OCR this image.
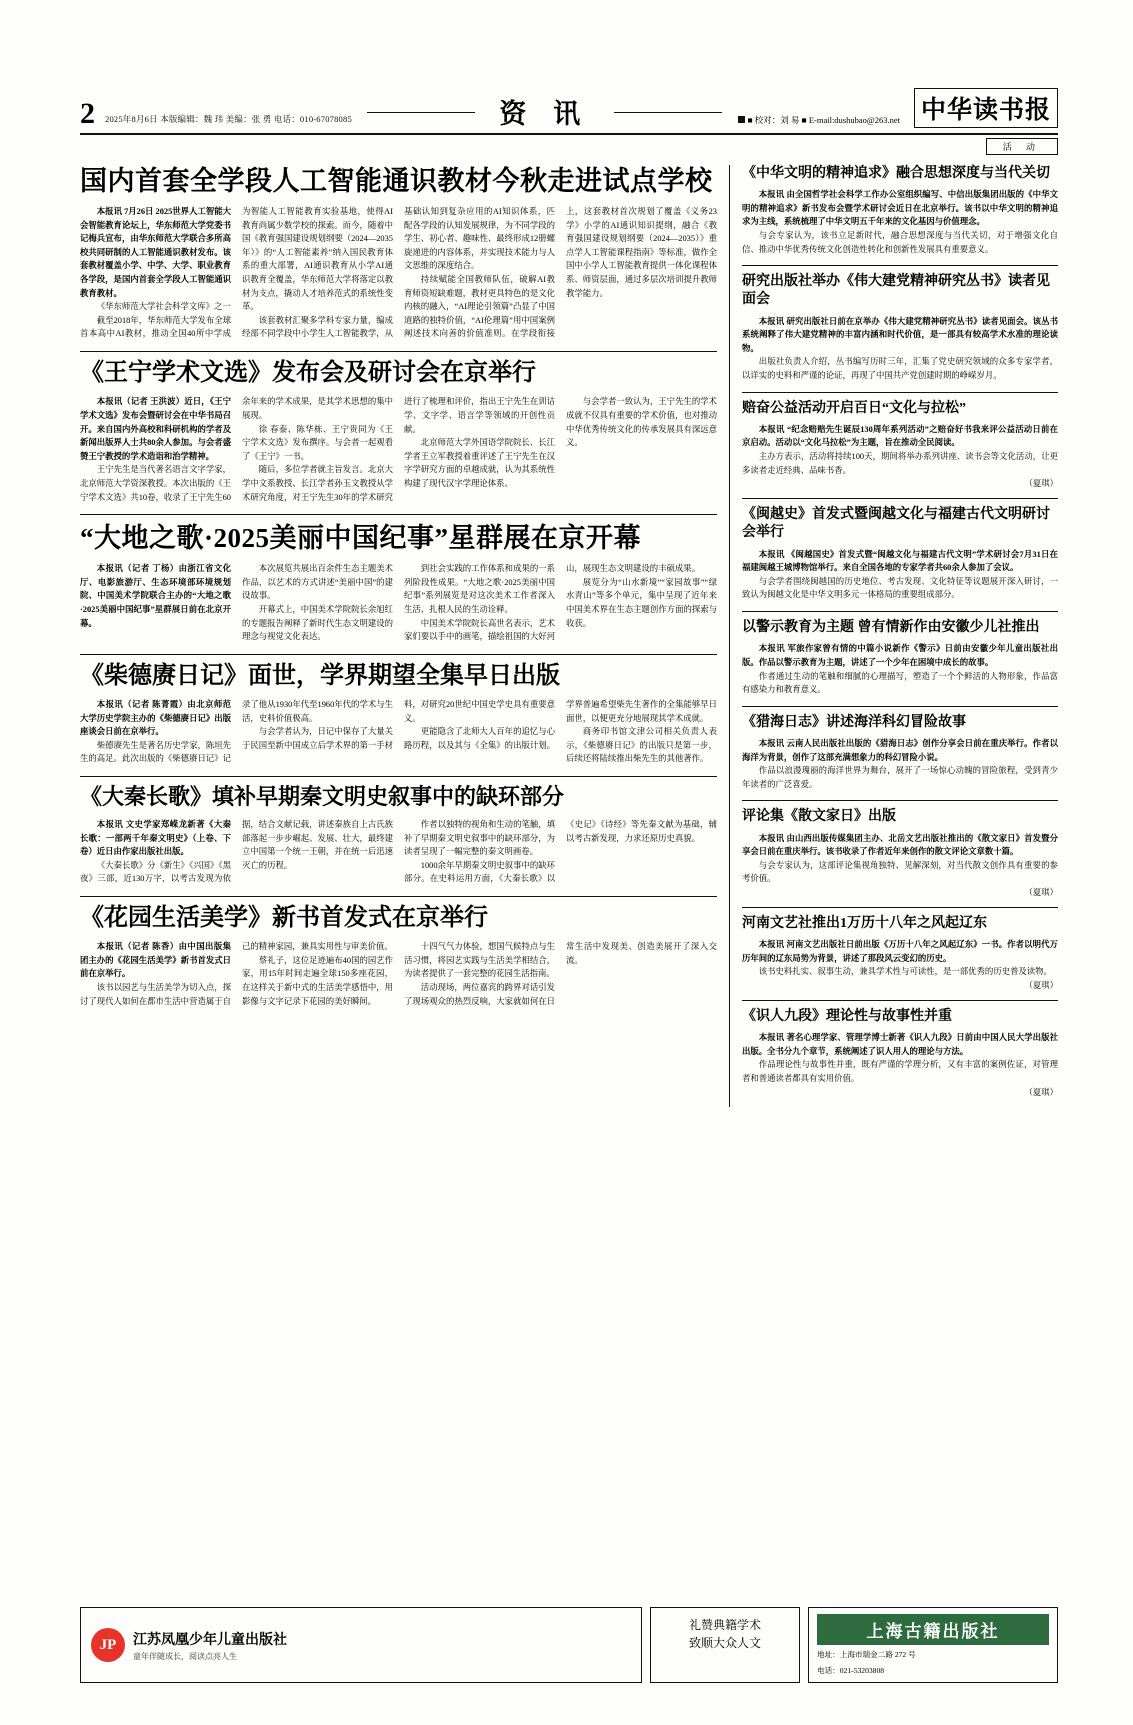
2 2025年8月6日 本版编辑：魏 玮 美编：张 勇 电话：010-67078085	资 讯	■ 校对：刘 易 ■ E-mail:dushubao@263.net 中华读书报
活 动
国内首套全学段人工智能通识教材今秋走进试点学校

本报讯 7月26日 2025世界人工智能大会智能教育论坛上，华东师范大学党委书记梅兵宣布，由华东师范大学联合多所高校共同研制的人工智能通识教材发布。该套教材覆盖小学、中学、大学、职业教育各学段，是国内首套全学段人工智能通识教育教材。

《华东师范大学社会科学文库》之一

截至2018年，华东师范大学发布全球首本高中AI教材，推动全国40所中学成为智能人工智能教育实验基地，使得AI教育尚属少数学校的探索。而今，随着中国《教育强国建设规划纲要（2024—2035年）》的“人工智能素养”纳入国民教育体系的重大部署，AI通识教育从小学AI通识教育全覆盖，华东师范大学将落定以教材为支点，撬动人才培养范式的系统性变革。

该套教材汇聚多学科专家力量，编成经部不同学段中小学生人工智能教学，从基础认知到复杂应用的AI知识体系，匹配各学段的认知发展规律，为不同学段的学生、初心者、趣味性、最终形成12册螺旋递进的内容体系，并实现技术能力与人文思维的深度结合。

持续赋能全国教师队伍，破解AI教育师资短缺难题，教材更具特色的是文化内核的融入，“AI理论引领篇”凸显了中国道路的独特价值，“AI伦理篇”用中国案例阐述技术向善的价值准则。在学段衔接上，这套教材首次规划了覆盖《义务23学》小学的AI通识知识提纲，融合《教育强国建设规划纲要（2024—2035）》重点学人工智能课程指南》等标准，做作全国中小学人工智能教育提供一体化课程体系、师资层面，通过多层次培训提升教师教学能力。

《王宁学术文选》发布会及研讨会在京举行

本报讯（记者 王洪波）近日，《王宁学术文选》发布会暨研讨会在中华书局召开。来自国内外高校和科研机构的学者及新闻出版界人士共80余人参加。与会者盛赞王宁教授的学术造诣和治学精神。

王宁先生是当代著名语言文字学家，北京师范大学资深教授。本次出版的《王宁学术文选》共10卷，收录了王宁先生60余年来的学术成果，是其学术思想的集中展现。

徐 春泰、陈华栋、王宁贵同为《王宁学术文选》发布撰序。与会者一起观看了《王宁》一书。

随后，多位学者就主旨发言。北京大学中文系教授、长江学者孙玉文教授从学术研究角度，对王宁先生30年的学术研究进行了梳理和评价，指出王宁先生在训诂学、文字学、语言学等领域的开创性贡献。

北京师范大学外国语学院院长、长江学者王立军教授着重评述了王宁先生在汉字学研究方面的卓越成就，认为其系统性构建了现代汉字学理论体系。

与会学者一致认为，王宁先生的学术成就不仅具有重要的学术价值，也对推动中华优秀传统文化的传承发展具有深远意义。

“大地之歌·2025美丽中国纪事”星群展在京开幕

本报讯（记者 丁杨）由浙江省文化厅、电影旅游厅、生态环境部环境规划院、中国美术学院联合主办的“大地之歌·2025美丽中国纪事”星群展日前在北京开幕。

本次展览共展出百余件生态主题美术作品，以艺术的方式讲述“美丽中国”的建设故事。

开幕式上，中国美术学院院长余旭红的专题报告阐释了新时代生态文明建设的理念与视觉文化表达。

到社会实践的工作体系和成果的一系列阶段性成果。“大地之歌·2025美丽中国纪事”系列展览是对这次美术工作者深入生活、扎根人民的生动诠释。

中国美术学院院长高世名表示，艺术家们要以手中的画笔，描绘祖国的大好河山，展现生态文明建设的丰硕成果。

展览分为“山水新境”“家园故事”“绿水青山”等多个单元，集中呈现了近年来中国美术界在生态主题创作方面的探索与收获。

《柴德赓日记》面世，学界期望全集早日出版

本报讯（记者 陈菁霞）由北京师范大学历史学院主办的《柴德赓日记》出版座谈会日前在京举行。

柴德赓先生是著名历史学家，陈垣先生的高足。此次出版的《柴德赓日记》记录了他从1930年代至1960年代的学术与生活，史料价值极高。

与会学者认为，日记中保存了大量关于民国至新中国成立后学术界的第一手材料，对研究20世纪中国史学史具有重要意义。

更能隐含了北师大人百年的追忆与心路历程，以及其与《全集》的出版计划。学界普遍希望柴先生著作的全集能够早日面世，以便更充分地展现其学术成就。

商务印书馆文津公司相关负责人表示，《柴德赓日记》的出版只是第一步，后续还将陆续推出柴先生的其他著作。

《大秦长歌》填补早期秦文明史叙事中的缺环部分

本报讯 文史学家郑嵘龙新著《大秦长歌：一部两千年秦文明史》（上卷、下卷）近日由作家出版社出版。

《大秦长歌》分《新生》《兴国》《黑夜》三部，近130万字，以考古发现为依据，结合文献记载，讲述秦族自上古氏族部落起一步步崛起、发展、壮大，最终建立中国第一个统一王朝，并在统一后迅速灭亡的历程。

作者以独特的视角和生动的笔触，填补了早期秦文明史叙事中的缺环部分，为读者呈现了一幅完整的秦文明画卷。

1000余年早期秦文明史叙事中的缺环部分。在史料运用方面，《大秦长歌》以《史记》《诗经》等先秦文献为基础，辅以考古新发现，力求还原历史真貌。

《花园生活美学》新书首发式在京举行

本报讯（记者 陈香）由中国出版集团主办的《花园生活美学》新书首发式日前在京举行。

该书以园艺与生活美学为切入点，探讨了现代人如何在都市生活中营造属于自己的精神家园，兼具实用性与审美价值。

蔡礼子，这位足迹遍布40国的园艺作家，用15年时间走遍全球150多座花园，在这样关于新中式的生活美学感悟中，用影像与文字记录下花园的美好瞬间。

十四气气力体验，想国气候特点与生活习惯，将园艺实践与生活美学相结合，为读者提供了一套完整的花园生活指南。

活动现场，两位嘉宾的跨界对话引发了现场观众的热烈反响，大家就如何在日常生活中发现美、创造美展开了深入交流。

《中华文明的精神追求》融合思想深度与当代关切

本报讯 由全国哲学社会科学工作办公室组织编写、中信出版集团出版的《中华文明的精神追求》新书发布会暨学术研讨会近日在北京举行。该书以中华文明的精神追求为主线，系统梳理了中华文明五千年来的文化基因与价值理念。

与会专家认为，该书立足新时代，融合思想深度与当代关切，对于增强文化自信、推动中华优秀传统文化创造性转化和创新性发展具有重要意义。

研究出版社举办《伟大建党精神研究丛书》读者见面会

本报讯 研究出版社日前在京举办《伟大建党精神研究丛书》读者见面会。该丛书系统阐释了伟大建党精神的丰富内涵和时代价值，是一部具有较高学术水准的理论读物。

出版社负责人介绍，丛书编写历时三年，汇集了党史研究领域的众多专家学者，以详实的史料和严谨的论证，再现了中国共产党创建时期的峥嵘岁月。

赔奋公益活动开启百日“文化与拉松”

本报讯 “纪念赔赔先生诞辰130周年系列活动”之赔奋好书我来评公益活动日前在京启动。活动以“文化马拉松”为主题，旨在推动全民阅读。

主办方表示，活动将持续100天，期间将举办系列讲座、读书会等文化活动，让更多读者走近经典、品味书香。

（夏琪）
《闽越史》首发式暨闽越文化与福建古代文明研讨会举行

本报讯 《闽越国史》首发式暨“闽越文化与福建古代文明”学术研讨会7月31日在福建闽越王城博物馆举行。来自全国各地的专家学者共60余人参加了会议。

与会学者围绕闽越国的历史地位、考古发现、文化特征等议题展开深入研讨，一致认为闽越文化是中华文明多元一体格局的重要组成部分。

以警示教育为主题 曾有情新作由安徽少儿社推出

本报讯 军旅作家曾有情的中篇小说新作《警示》日前由安徽少年儿童出版社出版。作品以警示教育为主题，讲述了一个少年在困境中成长的故事。

作者通过生动的笔触和细腻的心理描写，塑造了一个个鲜活的人物形象，作品富有感染力和教育意义。

《猎海日志》讲述海洋科幻冒险故事

本报讯 云南人民出版社出版的《猎海日志》创作分享会日前在重庆举行。作者以海洋为背景，创作了这部充满想象力的科幻冒险小说。

作品以浪漫瑰丽的海洋世界为舞台，展开了一场惊心动魄的冒险旅程，受到青少年读者的广泛喜爱。

评论集《散文家日》出版

本报讯 由山西出版传媒集团主办、北岳文艺出版社推出的《散文家日》首发暨分享会日前在重庆举行。该书收录了作者近年来创作的散文评论文章数十篇。

与会专家认为，这部评论集视角独特、见解深刻，对当代散文创作具有重要的参考价值。

（夏琪）
河南文艺社推出1万历十八年之风起辽东

本报讯 河南文艺出版社日前出版《万历十八年之风起辽东》一书。作者以明代万历年间的辽东局势为背景，讲述了那段风云变幻的历史。

该书史料扎实、叙事生动，兼具学术性与可读性，是一部优秀的历史普及读物。

（夏琪）
《识人九段》理论性与故事性并重

本报讯 著名心理学家、管理学博士新著《识人九段》日前由中国人民大学出版社出版。全书分九个章节，系统阐述了识人用人的理论与方法。

作品理论性与故事性并重，既有严谨的学理分析，又有丰富的案例佐证，对管理者和普通读者都具有实用价值。

（夏琪）
JP	江苏凤凰少年儿童出版社
童年伴随成长，阅读点亮人生
礼赞典籍学术
致顺大众人文
上海古籍出版社
地址：上海市瑞金二路 272 号
电话：021-53203808
